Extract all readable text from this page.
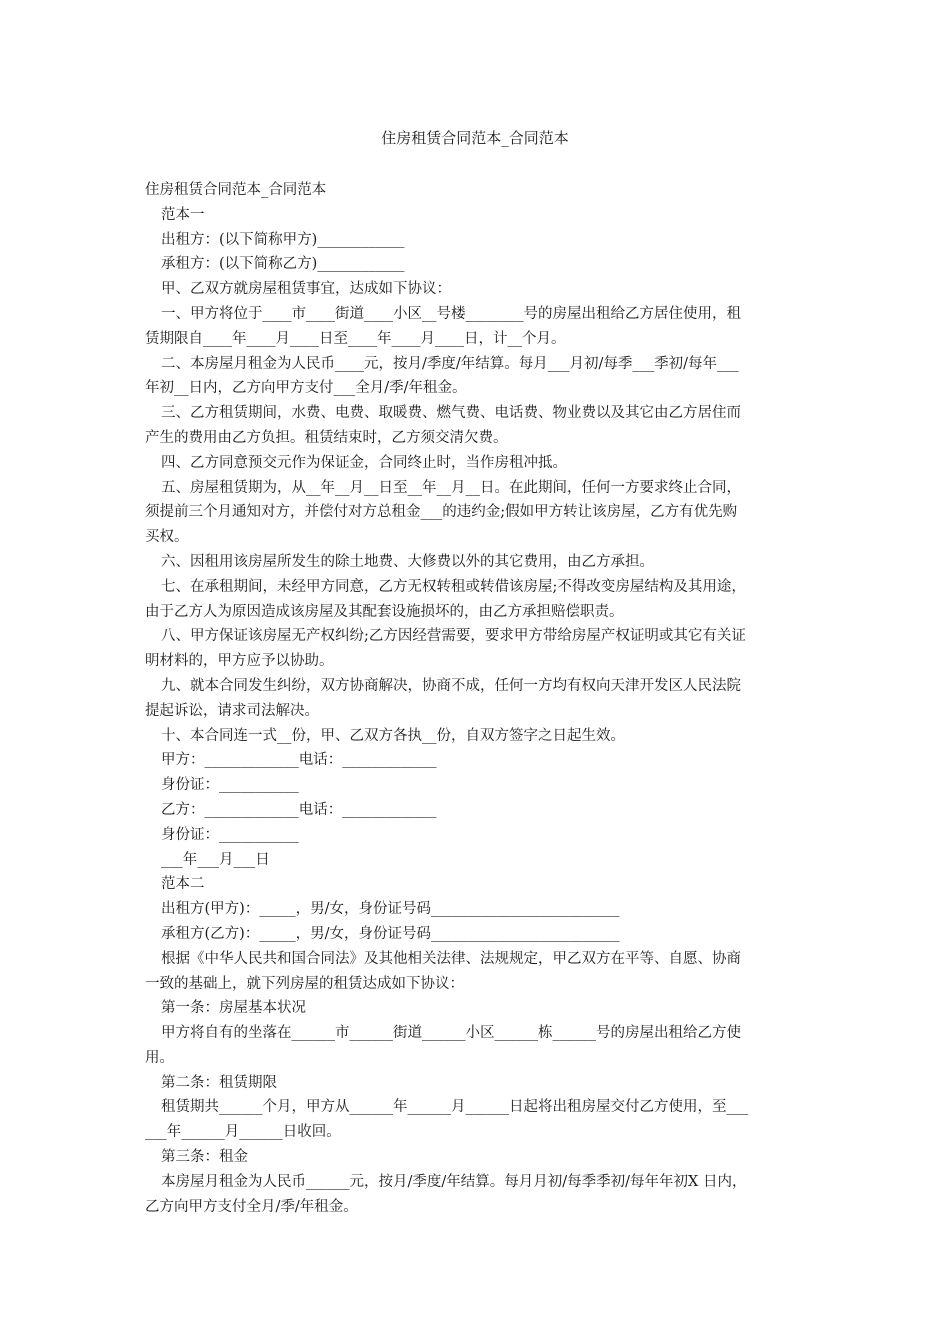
住房租赁合同范本_合同范本

住房租赁合同范本_合同范本

范本一

出租方：(以下简称甲方)____________

承租方：(以下简称乙方)____________

甲、乙双方就房屋租赁事宜，达成如下协议：

一、甲方将位于____市____街道____小区__号楼________号的房屋出租给乙方居住使用，租

赁期限自____年____月____日至____年____月____日，计__个月。

二、本房屋月租金为人民币____元，按月/季度/年结算。每月___月初/每季___季初/每年___

年初__日内，乙方向甲方支付___全月/季/年租金。

三、乙方租赁期间，水费、电费、取暖费、燃气费、电话费、物业费以及其它由乙方居住而

产生的费用由乙方负担。租赁结束时，乙方须交清欠费。

四、乙方同意预交元作为保证金，合同终止时，当作房租冲抵。

五、房屋租赁期为，从__年__月__日至__年__月__日。在此期间，任何一方要求终止合同，

须提前三个月通知对方，并偿付对方总租金___的违约金;假如甲方转让该房屋，乙方有优先购

买权。

六、因租用该房屋所发生的除土地费、大修费以外的其它费用，由乙方承担。

七、在承租期间，未经甲方同意，乙方无权转租或转借该房屋;不得改变房屋结构及其用途，

由于乙方人为原因造成该房屋及其配套设施损坏的，由乙方承担赔偿职责。

八、甲方保证该房屋无产权纠纷;乙方因经营需要，要求甲方带给房屋产权证明或其它有关证

明材料的，甲方应予以协助。

九、就本合同发生纠纷，双方协商解决，协商不成，任何一方均有权向天津开发区人民法院

提起诉讼，请求司法解决。

十、本合同连一式__份，甲、乙双方各执__份，自双方签字之日起生效。

甲方：_____________电话：_____________

身份证：___________

乙方：_____________电话：_____________

身份证：___________

___年___月___日

范本二

出租方(甲方)：_____，男/女，身份证号码__________________________

承租方(乙方)：_____，男/女，身份证号码__________________________

根据《中华人民共和国合同法》及其他相关法律、法规规定，甲乙双方在平等、自愿、协商

一致的基础上，就下列房屋的租赁达成如下协议：

第一条：房屋基本状况

甲方将自有的坐落在______市______街道______小区______栋______号的房屋出租给乙方使

用。

第二条：租赁期限

租赁期共______个月，甲方从______年______月______日起将出租房屋交付乙方使用，至___

___年______月______日收回。

第三条：租金

本房屋月租金为人民币______元，按月/季度/年结算。每月月初/每季季初/每年年初X 日内，

乙方向甲方支付全月/季/年租金。
